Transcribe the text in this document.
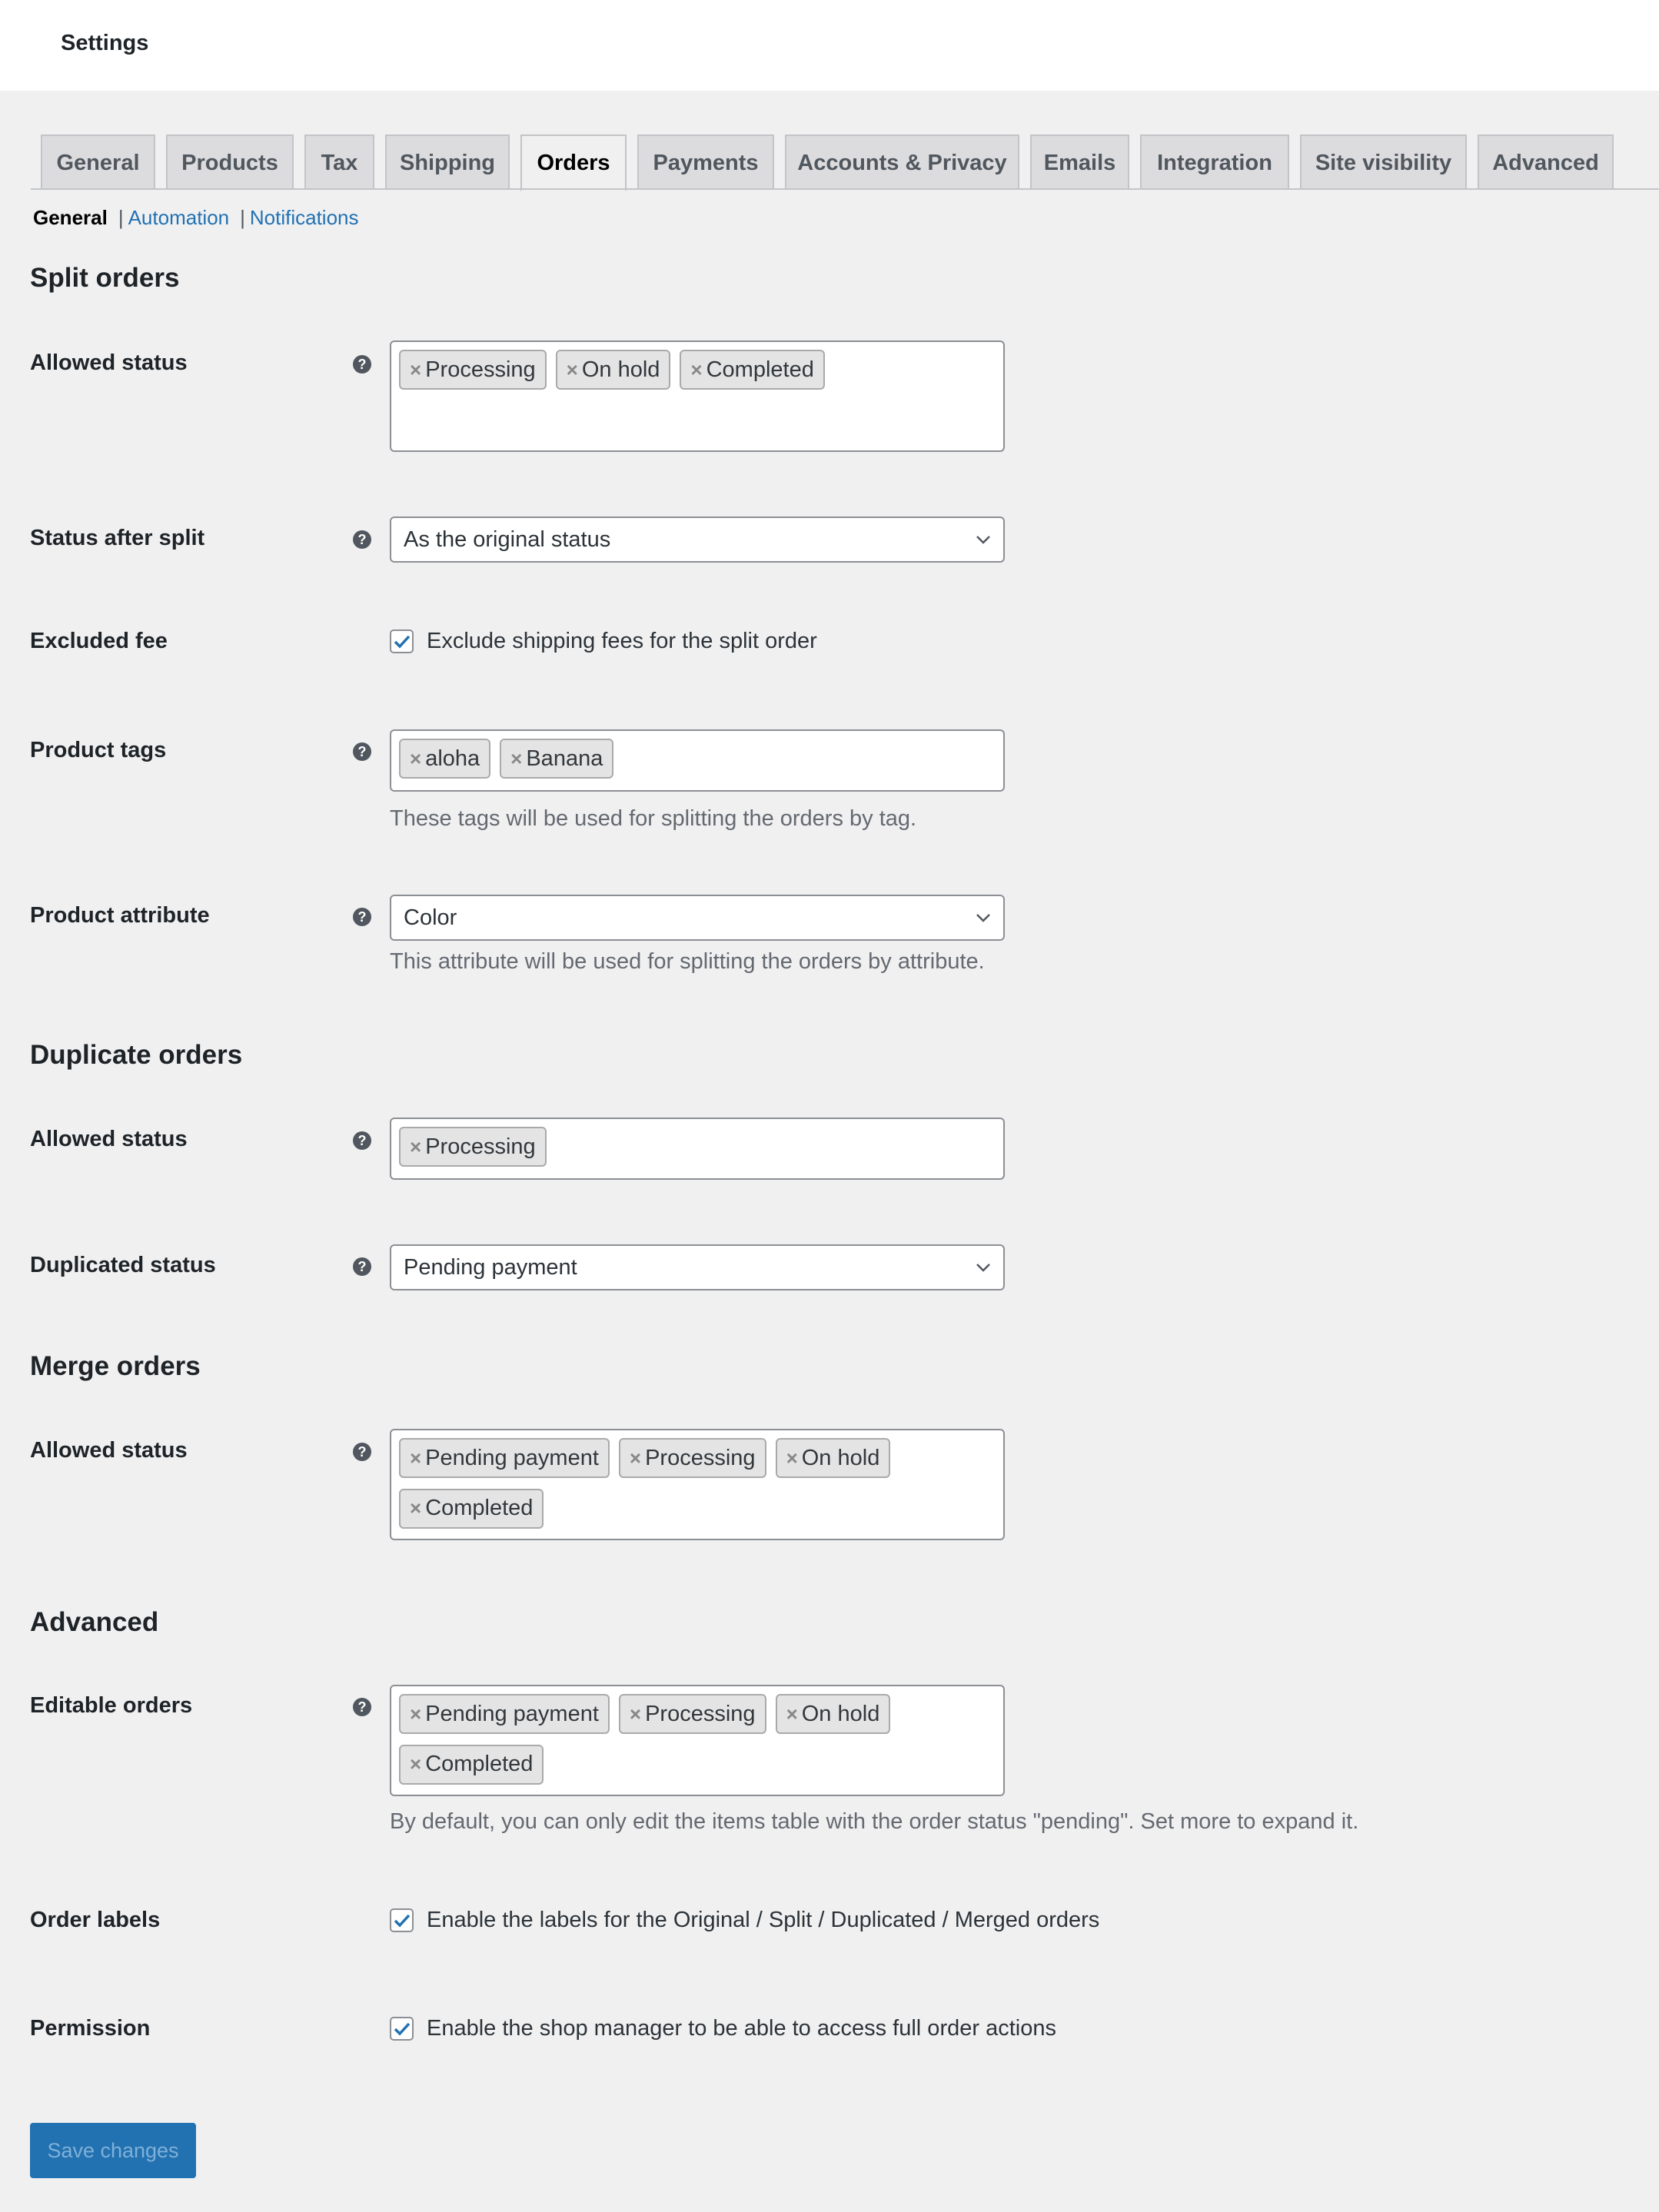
Settings
General	Products	Tax	Shipping	Orders	Payments	Accounts & Privacy	Emails	Integration	Site visibility	Advanced
General | Automation | Notifications
Split orders
Allowed status	? × Processing × On hold × Completed
Status after split	? As the original status
Excluded fee	Exclude shipping fees for the split order
Product tags	? × aloha × Banana
These tags will be used for splitting the orders by tag.
Product attribute	? Color
This attribute will be used for splitting the orders by attribute.
Duplicate orders
Allowed status	? × Processing
Duplicated status	? Pending payment
Merge orders
Allowed status	? × Pending payment × Processing × On hold
× Completed
Advanced
Editable orders	? × Pending payment × Processing × On hold
× Completed
By default, you can only edit the items table with the order status "pending". Set more to expand it.
Order labels	Enable the labels for the Original / Split / Duplicated / Merged orders
Permission	Enable the shop manager to be able to access full order actions
Save changes
